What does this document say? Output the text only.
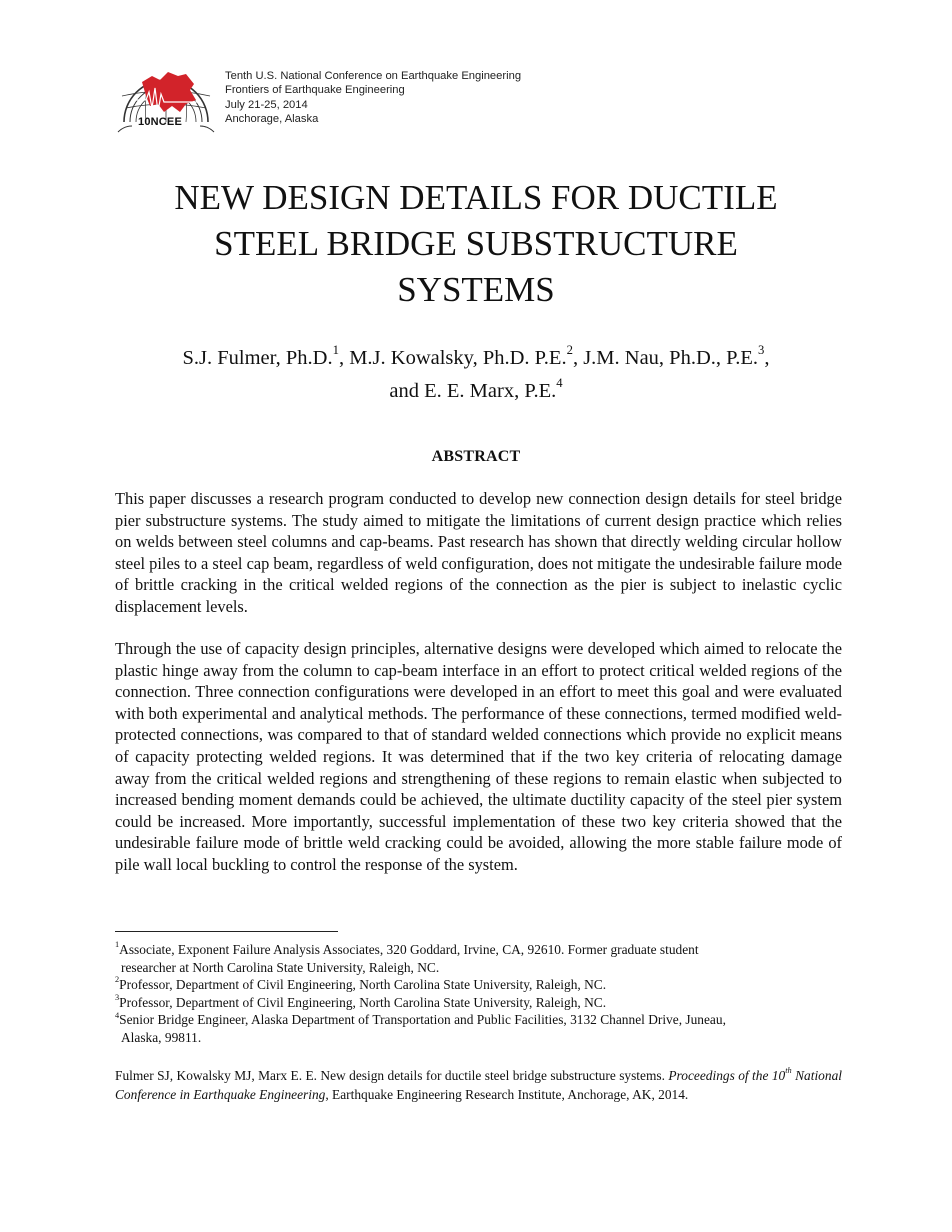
10NCEE
Tenth U.S. National Conference on Earthquake Engineering
Frontiers of Earthquake Engineering
July 21-25, 2014
Anchorage, Alaska
NEW DESIGN DETAILS FOR DUCTILE
STEEL BRIDGE SUBSTRUCTURE
SYSTEMS
S.J. Fulmer, Ph.D.$^1$, M.J. Kowalsky, Ph.D. P.E.$^2$, J.M. Nau, Ph.D., P.E.$^3$,
and E. E. Marx, P.E.$^4$
ABSTRACT

This paper discusses a research program conducted to develop new connection design details for steel bridge pier substructure systems. The study aimed to mitigate the limitations of current design practice which relies on welds between steel columns and cap-beams. Past research has shown that directly welding circular hollow steel piles to a steel cap beam, regardless of weld configuration, does not mitigate the undesirable failure mode of brittle cracking in the critical welded regions of the connection as the pier is subject to inelastic cyclic displacement levels.

Through the use of capacity design principles, alternative designs were developed which aimed to relocate the plastic hinge away from the column to cap-beam interface in an effort to protect critical welded regions of the connection. Three connection configurations were developed in an effort to meet this goal and were evaluated with both experimental and analytical methods. The performance of these connections, termed modified weld-protected connections, was compared to that of standard welded connections which provide no explicit means of capacity protecting welded regions. It was determined that if the two key criteria of relocating damage away from the critical welded regions and strengthening of these regions to remain elastic when subjected to increased bending moment demands could be achieved, the ultimate ductility capacity of the steel pier system could be increased. More importantly, successful implementation of these two key criteria showed that the undesirable failure mode of brittle weld cracking could be avoided, allowing the more stable failure mode of pile wall local buckling to control the response of the system.

$^1$Associate, Exponent Failure Analysis Associates, 320 Goddard, Irvine, CA, 92610. Former graduate student
researcher at North Carolina State University, Raleigh, NC.

$^2$Professor, Department of Civil Engineering, North Carolina State University, Raleigh, NC.

$^3$Professor, Department of Civil Engineering, North Carolina State University, Raleigh, NC.

$^4$Senior Bridge Engineer, Alaska Department of Transportation and Public Facilities, 3132 Channel Drive, Juneau,
Alaska, 99811.

Fulmer SJ, Kowalsky MJ, Marx E. E. New design details for ductile steel bridge substructure systems. Proceedings of the 10th National Conference in Earthquake Engineering, Earthquake Engineering Research Institute, Anchorage, AK, 2014.
